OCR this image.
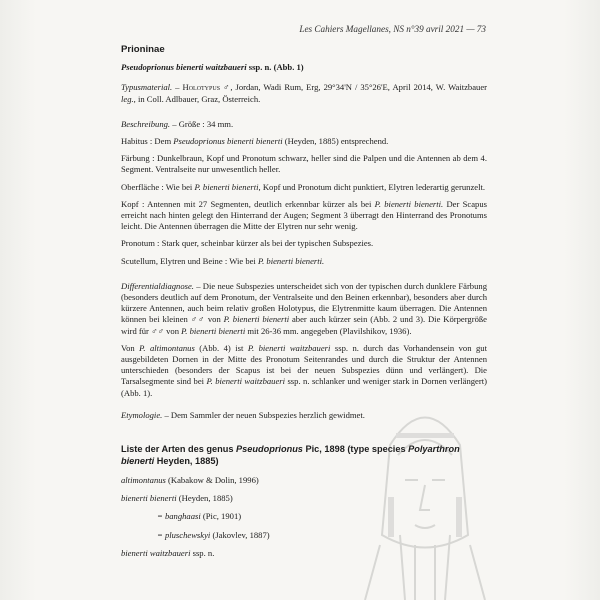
Les Cahiers Magellanes, NS n°39 avril 2021 — 73
Prioninae

Pseudoprionus bienerti waitzbaueri ssp. n. (Abb. 1)

Typusmaterial. – Holotypus ♂, Jordan, Wadi Rum, Erg, 29°34'N / 35°26'E, April 2014, W. Waitzbauer leg., in Coll. Adlbauer, Graz, Österreich.

Beschreibung. – Größe : 34 mm.

Habitus : Dem Pseudoprionus bienerti bienerti (Heyden, 1885) entsprechend.

Färbung : Dunkelbraun, Kopf und Pronotum schwarz, heller sind die Palpen und die Antennen ab dem 4. Segment. Ventralseite nur unwesentlich heller.

Oberfläche : Wie bei P. bienerti bienerti, Kopf und Pronotum dicht punktiert, Elytren lederartig gerunzelt.

Kopf : Antennen mit 27 Segmenten, deutlich erkennbar kürzer als bei P. bienerti bienerti. Der Scapus erreicht nach hinten gelegt den Hinterrand der Augen; Segment 3 überragt den Hinterrand des Pronotums leicht. Die Antennen überragen die Mitte der Elytren nur sehr wenig.

Pronotum : Stark quer, scheinbar kürzer als bei der typischen Subspezies.

Scutellum, Elytren und Beine : Wie bei P. bienerti bienerti.

Differentialdiagnose. – Die neue Subspezies unterscheidet sich von der typischen durch dunklere Färbung (besonders deutlich auf dem Pronotum, der Ventralseite und den Beinen erkennbar), besonders aber durch kürzere Antennen, auch beim relativ großen Holotypus, die Elytrenmitte kaum überragen. Die Antennen können bei kleinen ♂♂ von P. bienerti bienerti aber auch kürzer sein (Abb. 2 und 3). Die Körpergröße wird für ♂♂ von P. bienerti bienerti mit 26-36 mm. angegeben (Plavilshikov, 1936).

Von P. altimontanus (Abb. 4) ist P. bienerti waitzbaueri ssp. n. durch das Vorhandensein von gut ausgebildeten Dornen in der Mitte des Pronotum Seitenrandes und durch die Struktur der Antennen unterschieden (besonders der Scapus ist bei der neuen Subspezies dünn und verlängert). Die Tarsalsegmente sind bei P. bienerti waitzbaueri ssp. n. schlanker und weniger stark in Dornen verlängert) (Abb. 1).

Etymologie. – Dem Sammler der neuen Subspezies herzlich gewidmet.

Liste der Arten des genus Pseudoprionus Pic, 1898 (type species Polyarthron bienerti Heyden, 1885)

altimontanus (Kabakow & Dolin, 1996)

bienerti bienerti (Heyden, 1885)

= banghaasi (Pic, 1901)

= pluschewskyi (Jakovlev, 1887)

bienerti waitzbaueri ssp. n.
